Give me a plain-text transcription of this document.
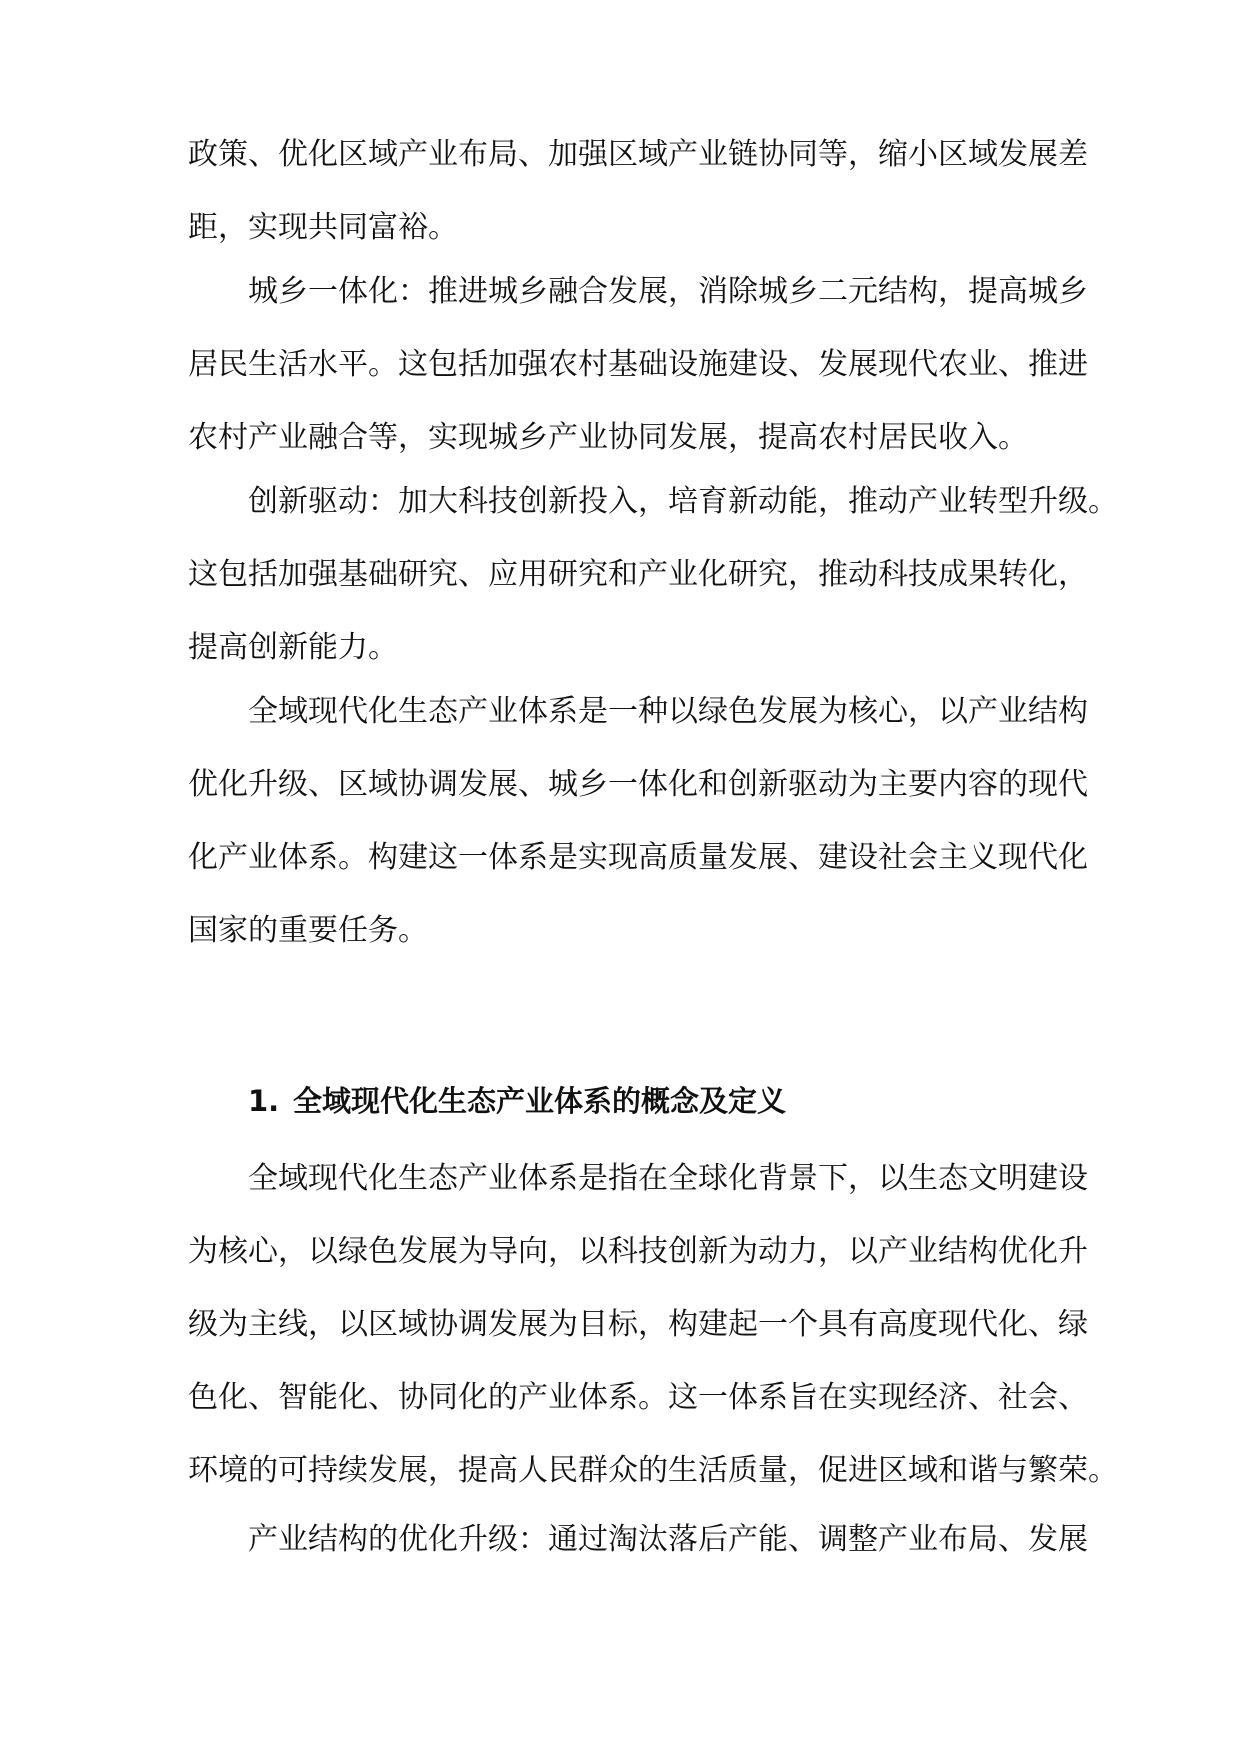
政策、优化区域产业布局、加强区域产业链协同等，缩小区域发展差
距，实现共同富裕。
城乡一体化：推进城乡融合发展，消除城乡二元结构，提高城乡
居民生活水平。这包括加强农村基础设施建设、发展现代农业、推进
农村产业融合等，实现城乡产业协同发展，提高农村居民收入。
创新驱动：加大科技创新投入，培育新动能，推动产业转型升级。
这包括加强基础研究、应用研究和产业化研究，推动科技成果转化，
提高创新能力。
全域现代化生态产业体系是一种以绿色发展为核心，以产业结构
优化升级、区域协调发展、城乡一体化和创新驱动为主要内容的现代
化产业体系。构建这一体系是实现高质量发展、建设社会主义现代化
国家的重要任务。
1. 全域现代化生态产业体系的概念及定义
全域现代化生态产业体系是指在全球化背景下，以生态文明建设
为核心，以绿色发展为导向，以科技创新为动力，以产业结构优化升
级为主线，以区域协调发展为目标，构建起一个具有高度现代化、绿
色化、智能化、协同化的产业体系。这一体系旨在实现经济、社会、
环境的可持续发展，提高人民群众的生活质量，促进区域和谐与繁荣。
产业结构的优化升级：通过淘汰落后产能、调整产业布局、发展
